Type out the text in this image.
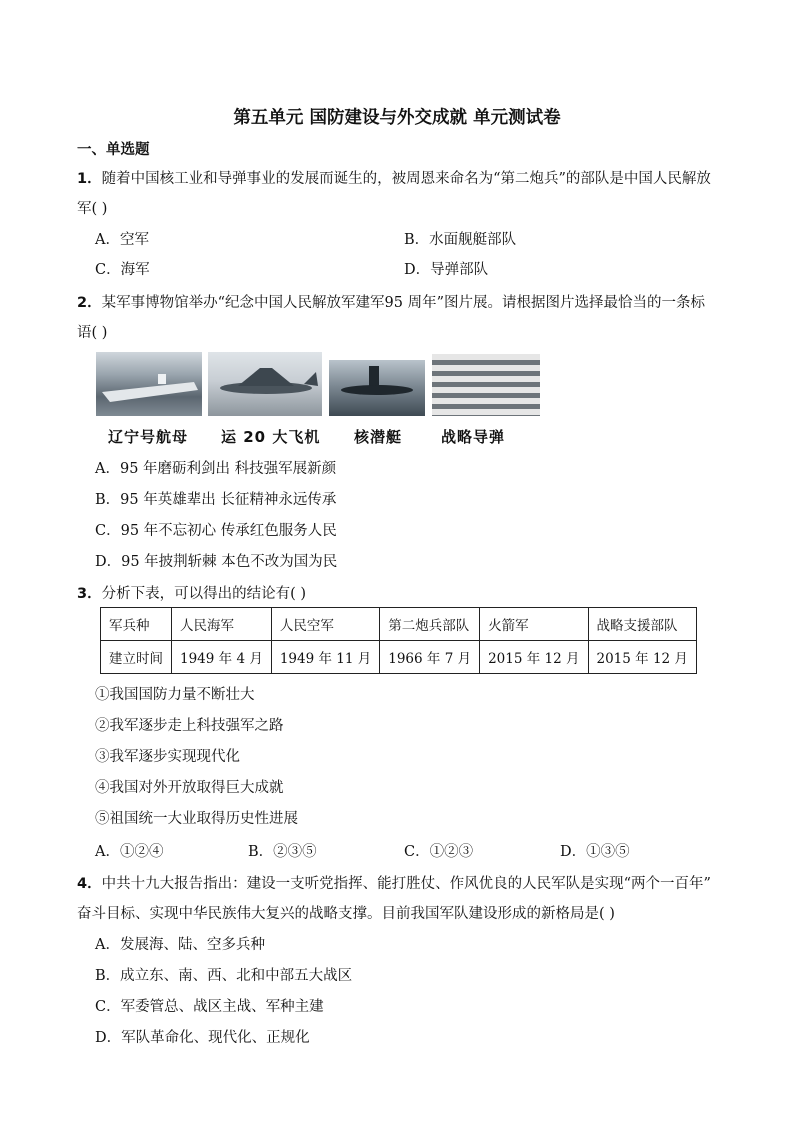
第五单元 国防建设与外交成就 单元测试卷
一、单选题
1．随着中国核工业和导弹事业的发展而诞生的，被周恩来命名为“第二炮兵”的部队是中国人民解放
军( )
A．空军	B．水面舰艇部队
C．海军	D．导弹部队
2．某军事博物馆举办“纪念中国人民解放军建军95 周年”图片展。请根据图片选择最恰当的一条标
语( )
辽宁号航母 运 20 大飞机 核潜艇	战略导弹
A．95 年磨砺利剑出 科技强军展新颜
B．95 年英雄辈出 长征精神永远传承
C．95 年不忘初心 传承红色服务人民
D．95 年披荆斩棘 本色不改为国为民
3．分析下表，可以得出的结论有( )
军兵种	人民海军	人民空军	第二炮兵部队	火箭军	战略支援部队
建立时间	1949 年 4 月	1949 年 11 月	1966 年 7 月	2015 年 12 月	2015 年 12 月
①我国国防力量不断壮大
②我军逐步走上科技强军之路
③我军逐步实现现代化
④我国对外开放取得巨大成就
⑤祖国统一大业取得历史性进展
A．①②④	B．②③⑤	C．①②③	D．①③⑤
4．中共十九大报告指出：建设一支听党指挥、能打胜仗、作风优良的人民军队是实现“两个一百年”
奋斗目标、实现中华民族伟大复兴的战略支撑。目前我国军队建设形成的新格局是( )
A．发展海、陆、空多兵种
B．成立东、南、西、北和中部五大战区
C．军委管总、战区主战、军种主建
D．军队革命化、现代化、正规化
